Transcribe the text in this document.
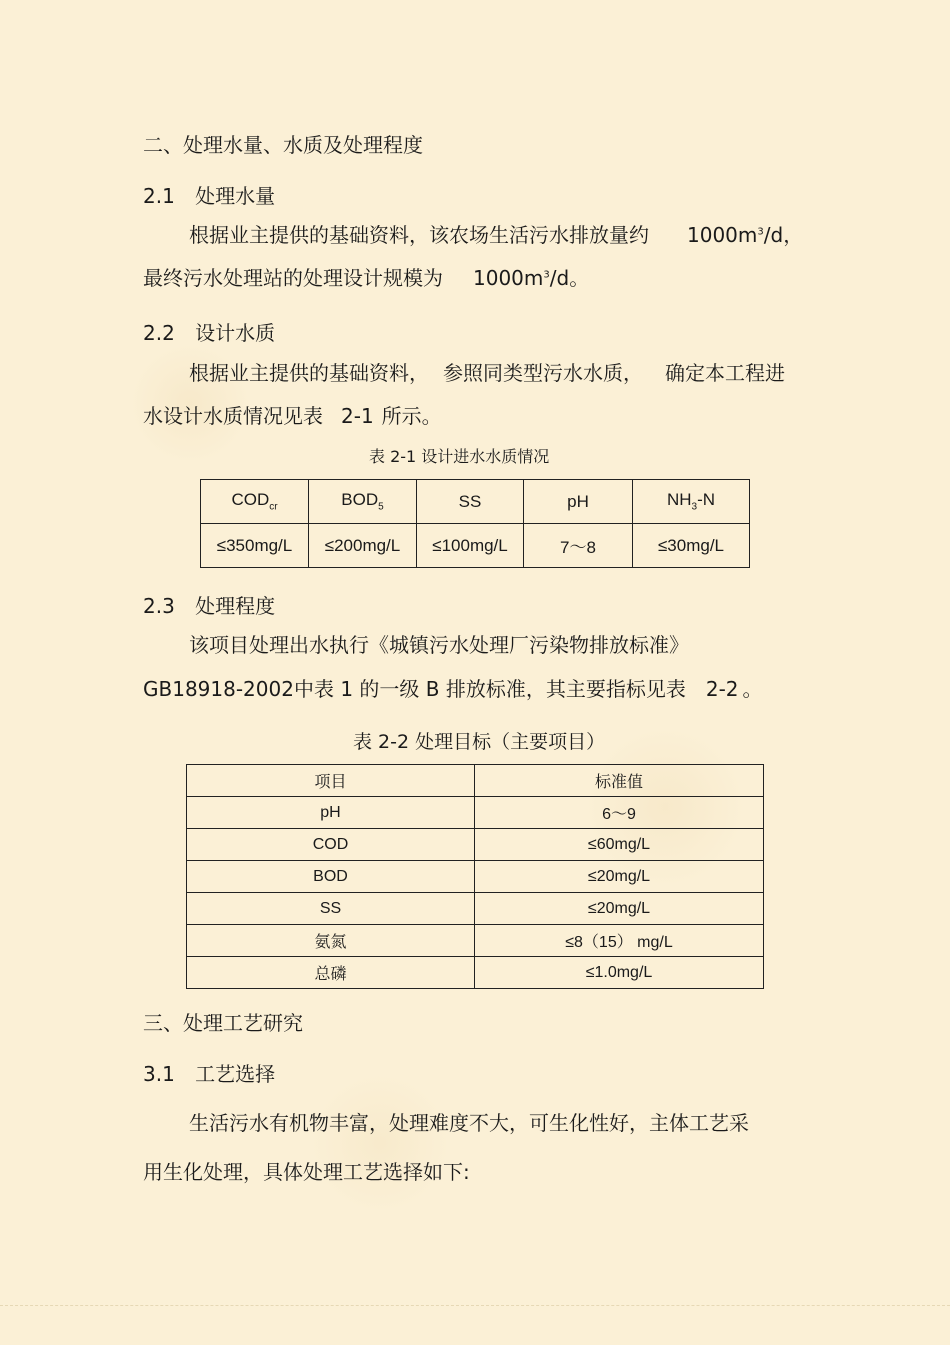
二、处理水量、水质及处理程度
2.1 处理水量
根据业主提供的基础资料，该农场生活污水排放量约 $1000m^3/d$，
最终污水处理站的处理设计规模为 $1000m^3/d$。
2.2 设计水质
根据业主提供的基础资料， 参照同类型污水水质， 确定本工程进
水设计水质情况见表 2-1 所示。
表 2-1 设计进水水质情况
$COD_{cr}$	$BOD_5$	SS	pH	$NH_3-N$
≤350mg/L	≤200mg/L	≤100mg/L	7～8	≤30mg/L
2.3 处理程度
该项目处理出水执行《城镇污水处理厂污染物排放标准》
GB18918-2002中表 1 的一级 B 排放标准，其主要指标见表 2-2 。
表 2-2 处理目标（主要项目）
项目	标准值
pH	6～9
COD	≤60mg/L
BOD	≤20mg/L
SS	≤20mg/L
氨氮	≤8（15） mg/L
总磷	≤1.0mg/L
三、处理工艺研究
3.1 工艺选择
生活污水有机物丰富，处理难度不大，可生化性好，主体工艺采
用生化处理，具体处理工艺选择如下:
